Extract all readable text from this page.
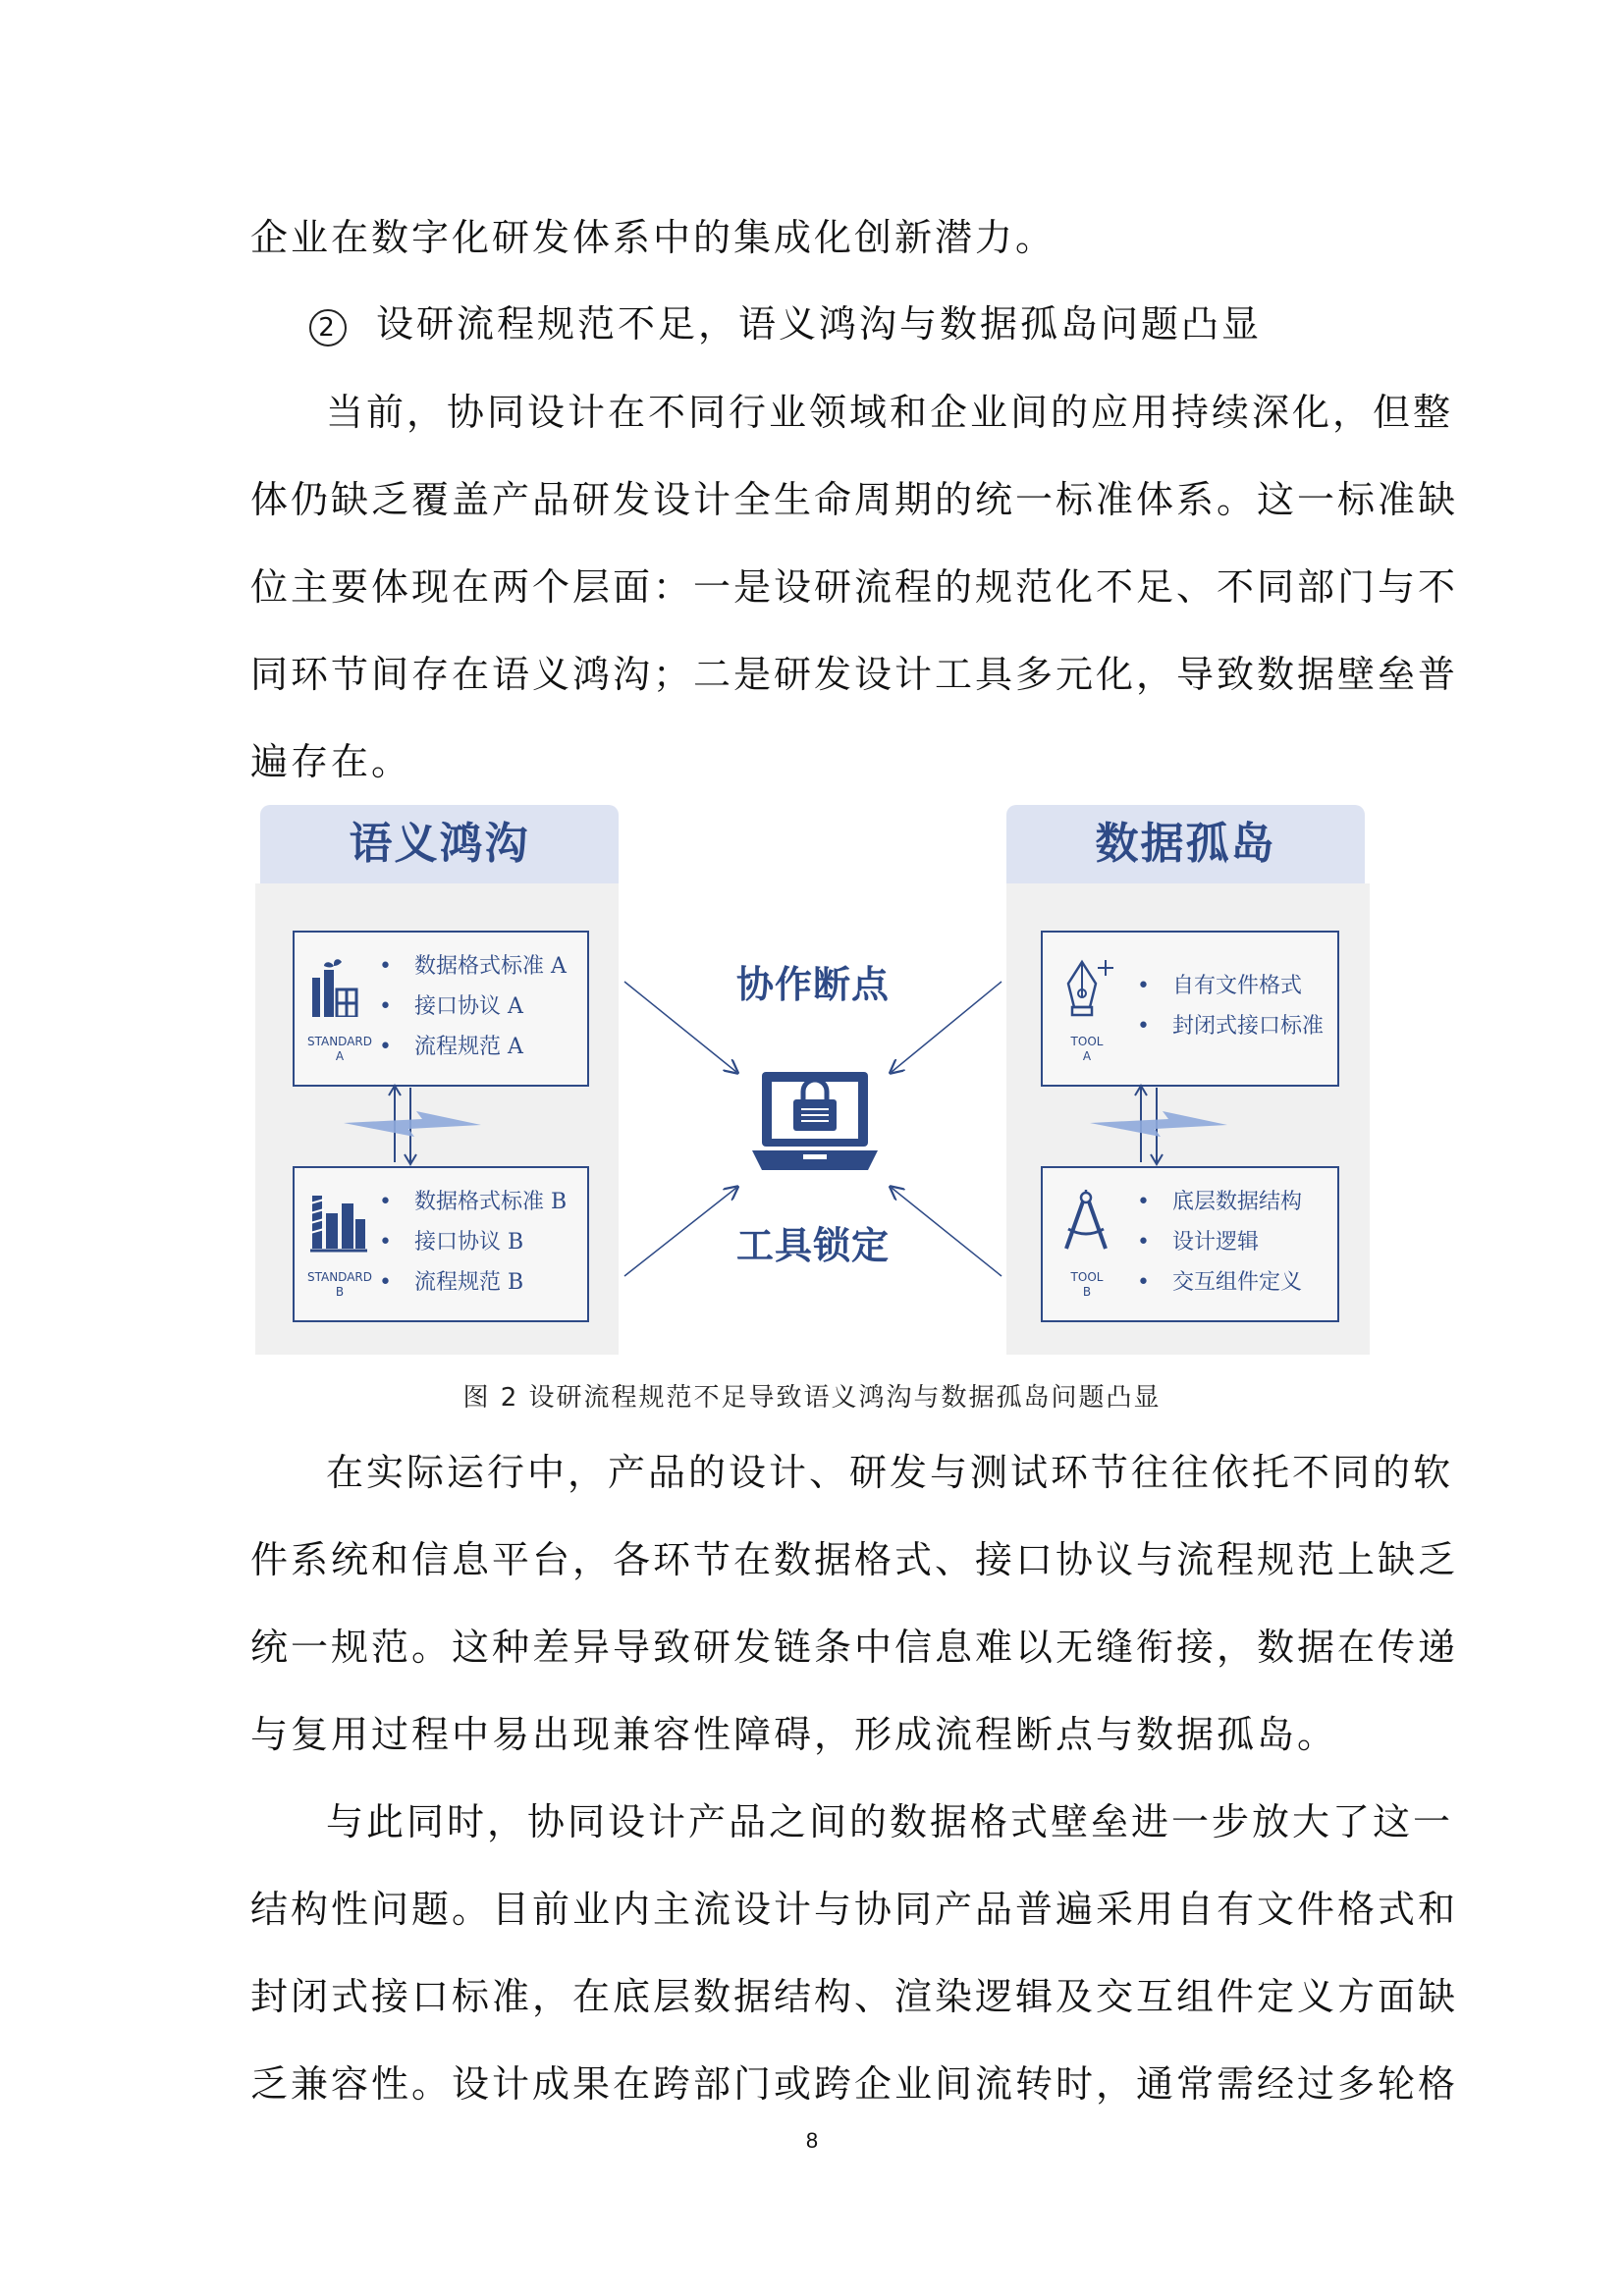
企业在数字化研发体系中的集成化创新潜力。
2 设研流程规范不足，语义鸿沟与数据孤岛问题凸显
当前，协同设计在不同行业领域和企业间的应用持续深化，但整
体仍缺乏覆盖产品研发设计全生命周期的统一标准体系。这一标准缺
位主要体现在两个层面：一是设研流程的规范化不足、不同部门与不
同环节间存在语义鸿沟；二是研发设计工具多元化，导致数据壁垒普
遍存在。
语义鸿沟	数据孤岛
STANDARD
A
• 数据格式标准 A
• 接口协议 A
• 流程规范 A
STANDARD
B
• 数据格式标准 B
• 接口协议 B
• 流程规范 B
TOOL
A
• 自有文件格式
• 封闭式接口标准
TOOL
B
• 底层数据结构
• 设计逻辑
• 交互组件定义
协作断点
工具锁定
图 2 设研流程规范不足导致语义鸿沟与数据孤岛问题凸显
在实际运行中，产品的设计、研发与测试环节往往依托不同的软
件系统和信息平台，各环节在数据格式、接口协议与流程规范上缺乏
统一规范。这种差异导致研发链条中信息难以无缝衔接，数据在传递
与复用过程中易出现兼容性障碍，形成流程断点与数据孤岛。
与此同时，协同设计产品之间的数据格式壁垒进一步放大了这一
结构性问题。目前业内主流设计与协同产品普遍采用自有文件格式和
封闭式接口标准，在底层数据结构、渲染逻辑及交互组件定义方面缺
乏兼容性。设计成果在跨部门或跨企业间流转时，通常需经过多轮格
8
